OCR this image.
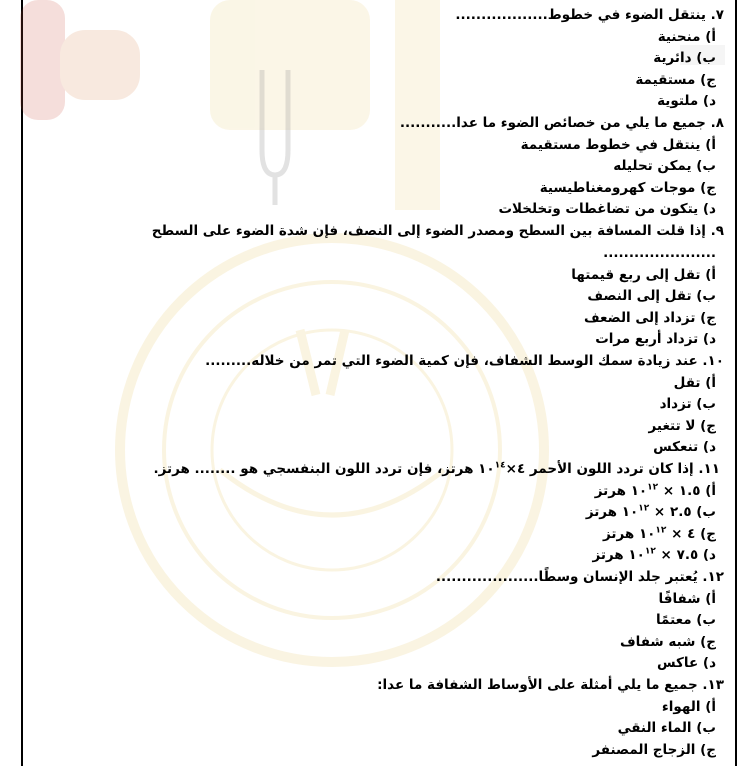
٧. ينتقل الضوء في خطوط..................
أ) منحنية
ب) دائرية
ج) مستقيمة
د) ملتوية
٨. جميع ما يلي من خصائص الضوء ما عدا...........
أ) ينتقل في خطوط مستقيمة
ب) يمكن تحليله
ج) موجات كهرومغناطيسية
د) يتكون من تضاغطات وتخلخلات
٩. إذا قلت المسافة بين السطح ومصدر الضوء إلى النصف، فإن شدة الضوء على السطح
......................
أ) تقل إلى ربع قيمتها
ب) تقل إلى النصف
ج) تزداد إلى الضعف
د) تزداد أربع مرات
١٠. عند زيادة سمك الوسط الشفاف، فإن كمية الضوء التي تمر من خلاله.........
أ) تقل
ب) تزداد
ج) لا تتغير
د) تنعكس
١١. إذا كان تردد اللون الأحمر $٤\times ١٠^{١٤}$ هرتز، فإن تردد اللون البنفسجي هو ........ هرتز.
أ) ١.٥ × $١٠^{١٢}$ هرتز
ب) ٢.٥ × $١٠^{١٢}$ هرتز
ج) ٤ × $١٠^{١٢}$ هرتز
د) ٧.٥ × $١٠^{١٢}$ هرتز
١٢. يُعتبر جلد الإنسان وسطًا....................
أ) شفافًا
ب) معتمًا
ج) شبه شفاف
د) عاكس
١٣. جميع ما يلي أمثلة على الأوساط الشفافة ما عدا:
أ) الهواء
ب) الماء النقي
ج) الزجاج المصنفر
